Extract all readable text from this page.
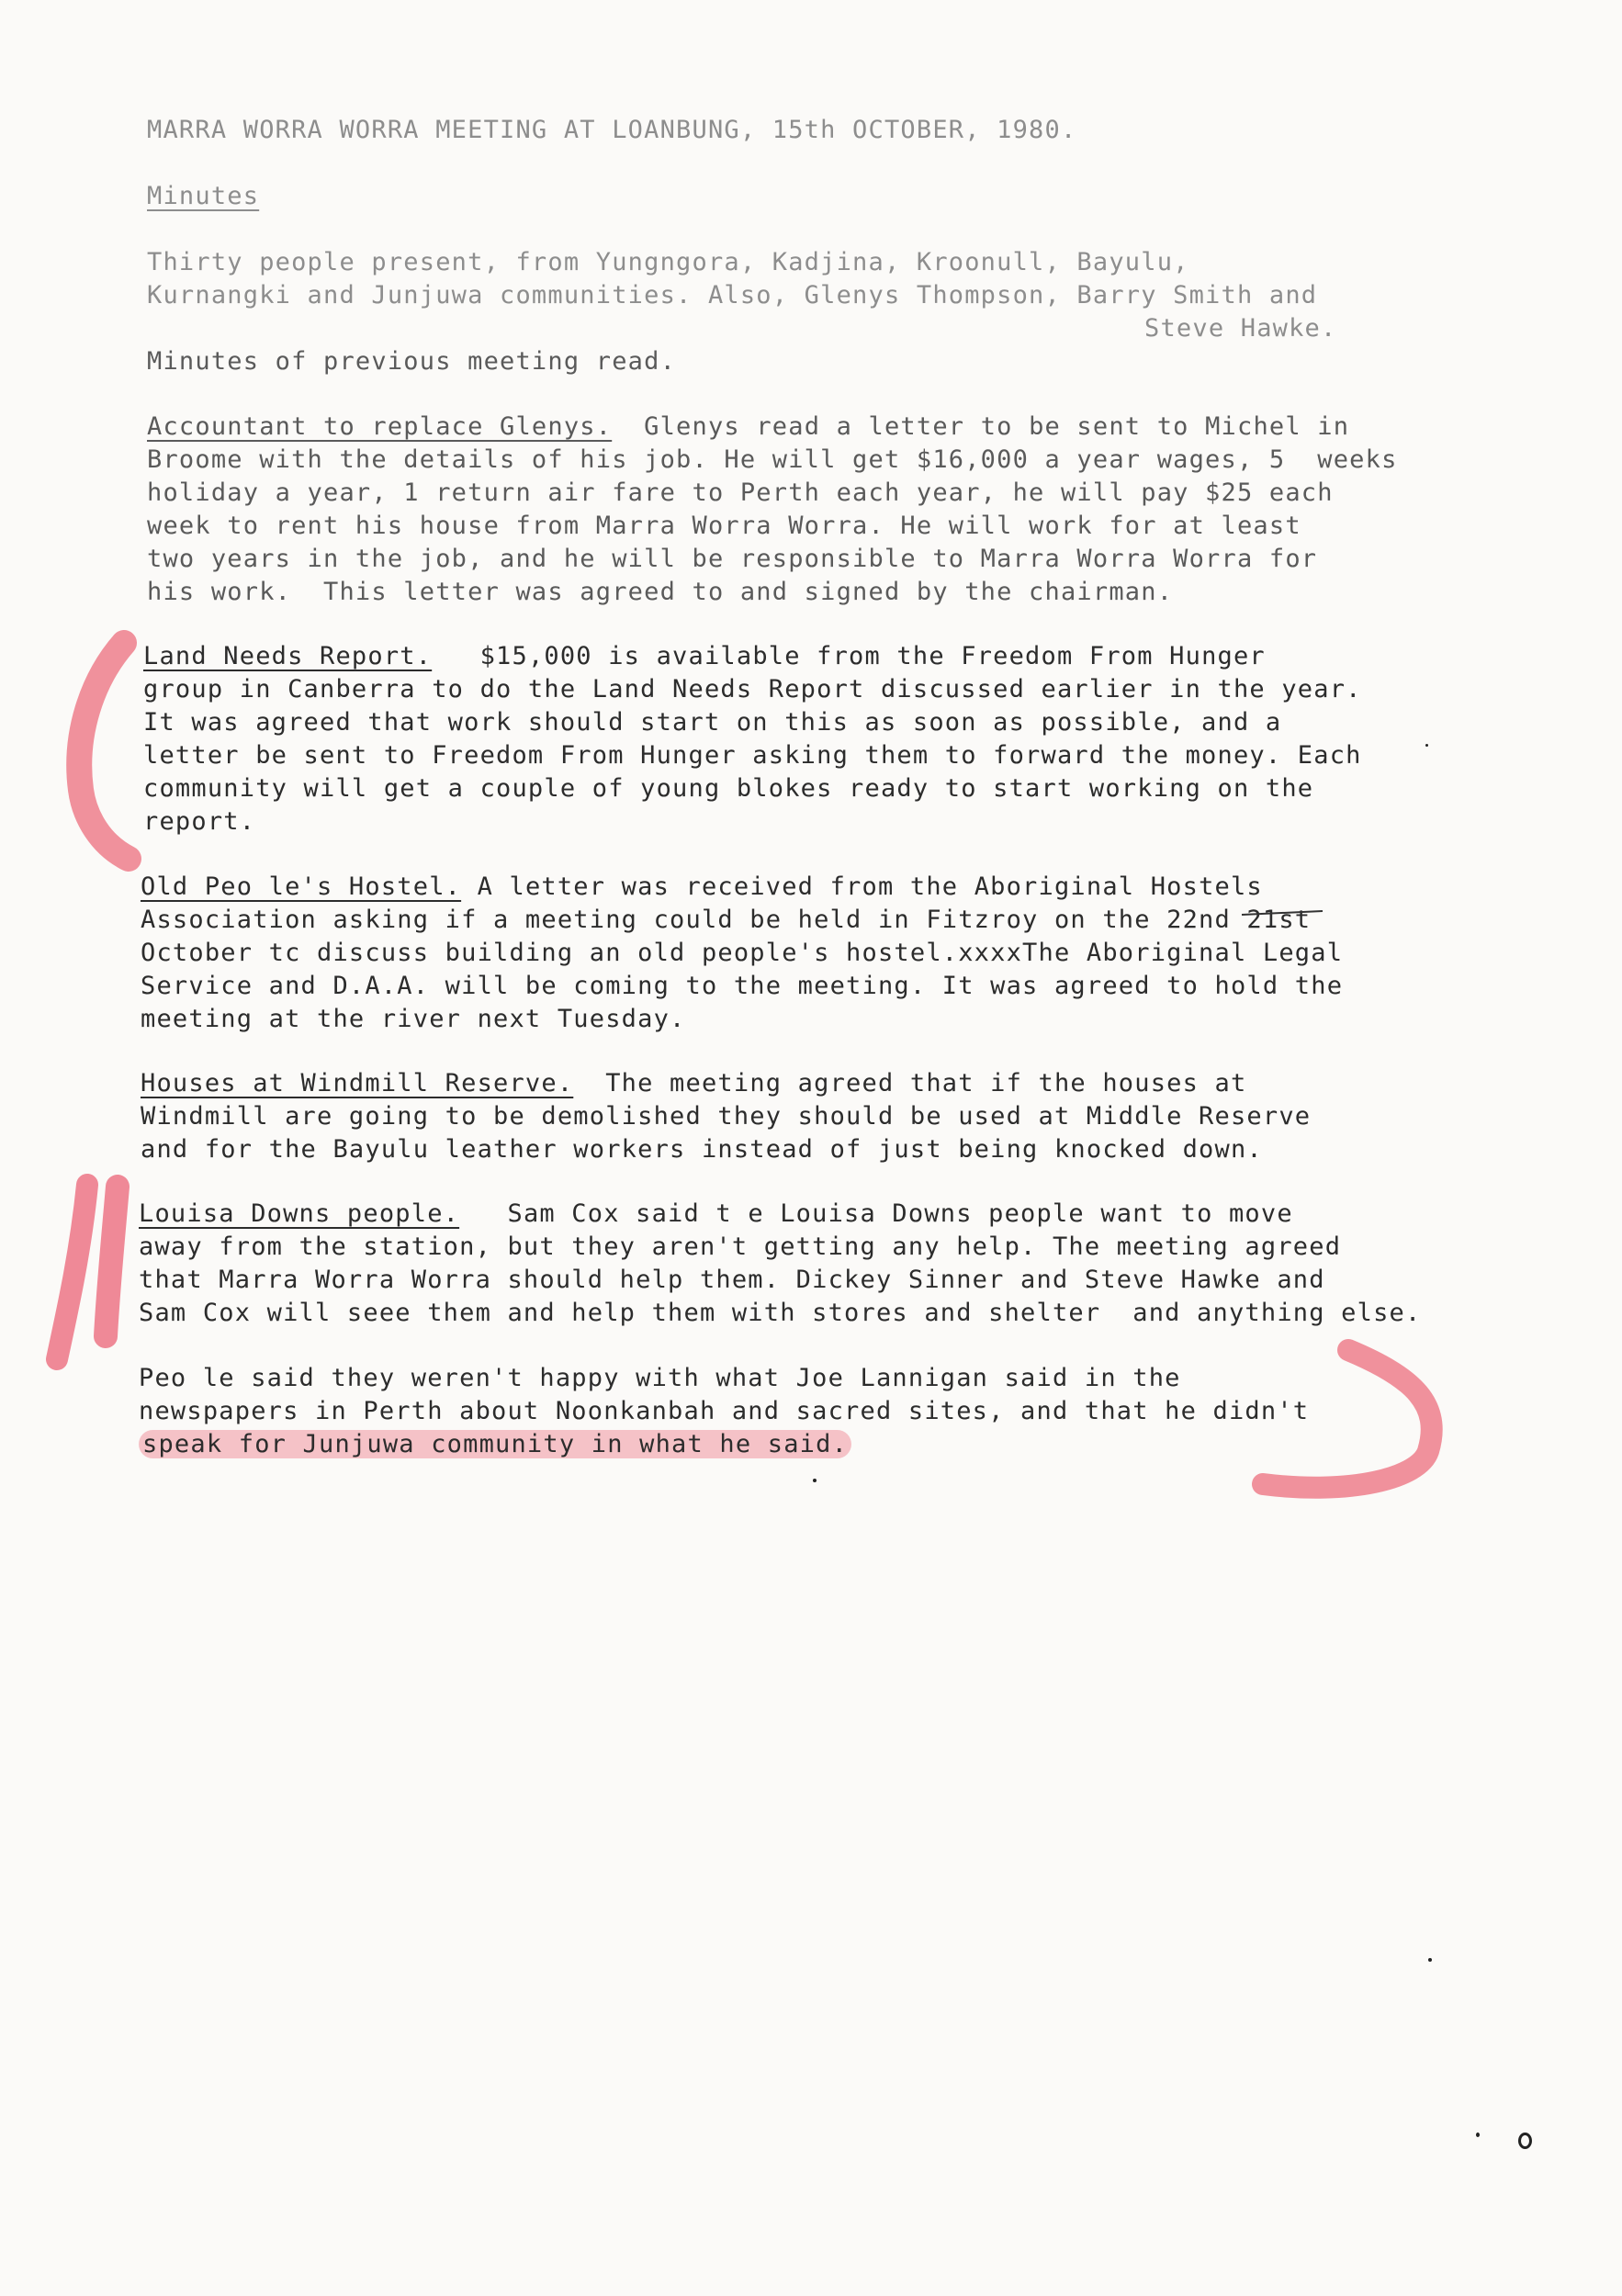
MARRA WORRA WORRA MEETING AT LOANBUNG, 15th OCTOBER, 1980.
Minutes
Thirty people present, from Yungngora, Kadjina, Kroonull, Bayulu,
Kurnangki and Junjuwa communities. Also, Glenys Thompson, Barry Smith and
Steve Hawke.
Minutes of previous meeting read.
Accountant to replace Glenys. Glenys read a letter to be sent to Michel in
Broome with the details of his job. He will get $16,000 a year wages, 5  weeks
holiday a year, 1 return air fare to Perth each year, he will pay $25 each
week to rent his house from Marra Worra Worra. He will work for at least
two years in the job, and he will be responsible to Marra Worra Worra for
his work.  This letter was agreed to and signed by the chairman.
Land Needs Report. $15,000 is available from the Freedom From Hunger
group in Canberra to do the Land Needs Report discussed earlier in the year.
It was agreed that work should start on this as soon as possible, and a
letter be sent to Freedom From Hunger asking them to forward the money. Each
community will get a couple of young blokes ready to start working on the
report.
Old Peo le's Hostel. A letter was received from the Aboriginal Hostels
Association asking if a meeting could be held in Fitzroy on the 22nd 21st
October tc discuss building an old people's hostel.xxxxThe Aboriginal Legal
Service and D.A.A. will be coming to the meeting. It was agreed to hold the
meeting at the river next Tuesday.
Houses at Windmill Reserve. The meeting agreed that if the houses at
Windmill are going to be demolished they should be used at Middle Reserve
and for the Bayulu leather workers instead of just being knocked down.
Louisa Downs people. Sam Cox said t e Louisa Downs people want to move
away from the station, but they aren't getting any help. The meeting agreed
that Marra Worra Worra should help them. Dickey Sinner and Steve Hawke and
Sam Cox will seee them and help them with stores and shelter  and anything else.
Peo le said they weren't happy with what Joe Lannigan said in the
newspapers in Perth about Noonkanbah and sacred sites, and that he didn't
speak for Junjuwa community in what he said.
